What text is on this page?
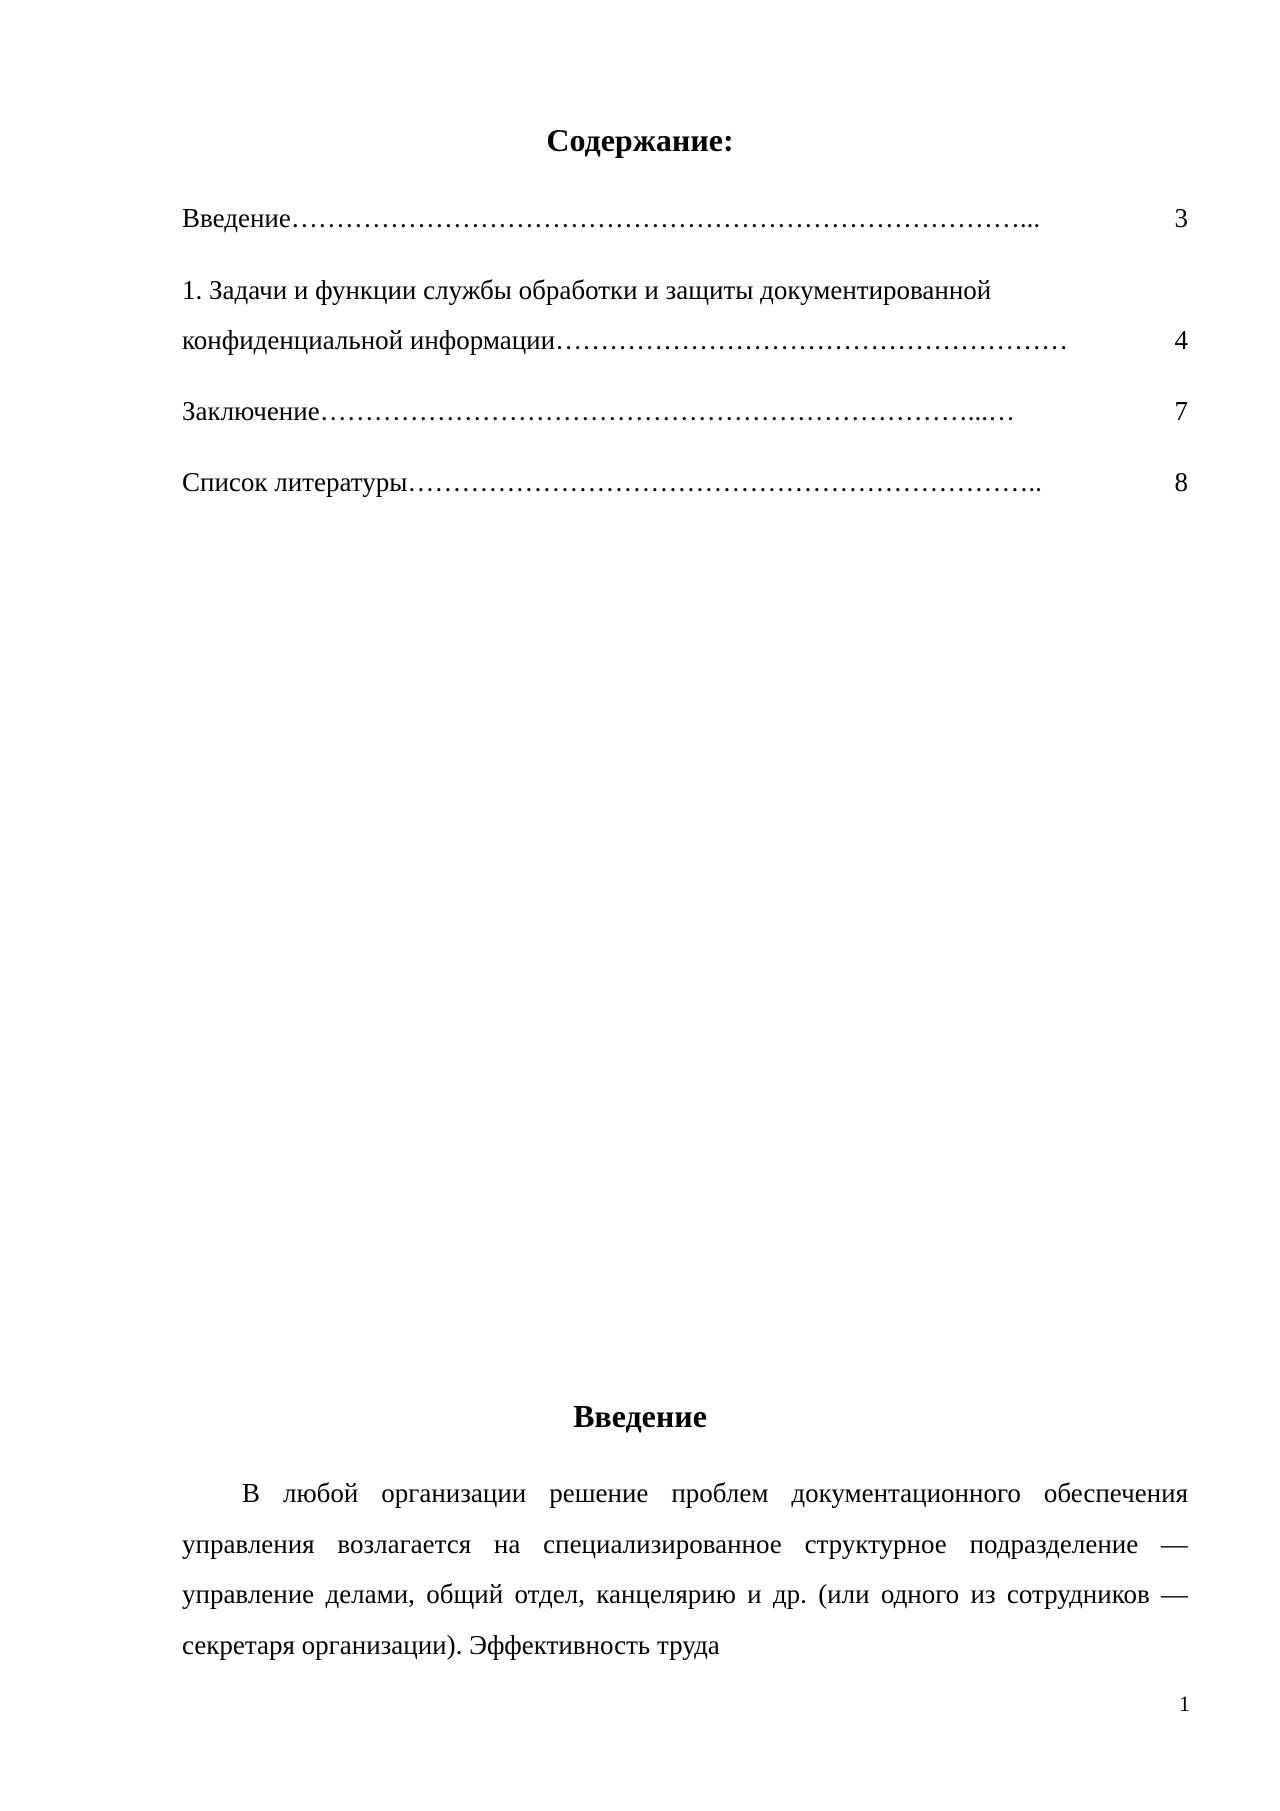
Содержание:
Введение ………………………………………………………………………...	3
1. Задачи и функции службы обработки и защиты документированной
конфиденциальной информации …………………………………………………	4
Заключение ………………………………………………………………...…	7
Список литературы ……………………………………………………………..	8
Введение

В любой организации решение проблем документационного обеспечения управления возлагается на специализированное структурное подразделение — управление делами, общий отдел, канцелярию и др. (или одного из сотрудников — секретаря организации). Эффективность труда

1
